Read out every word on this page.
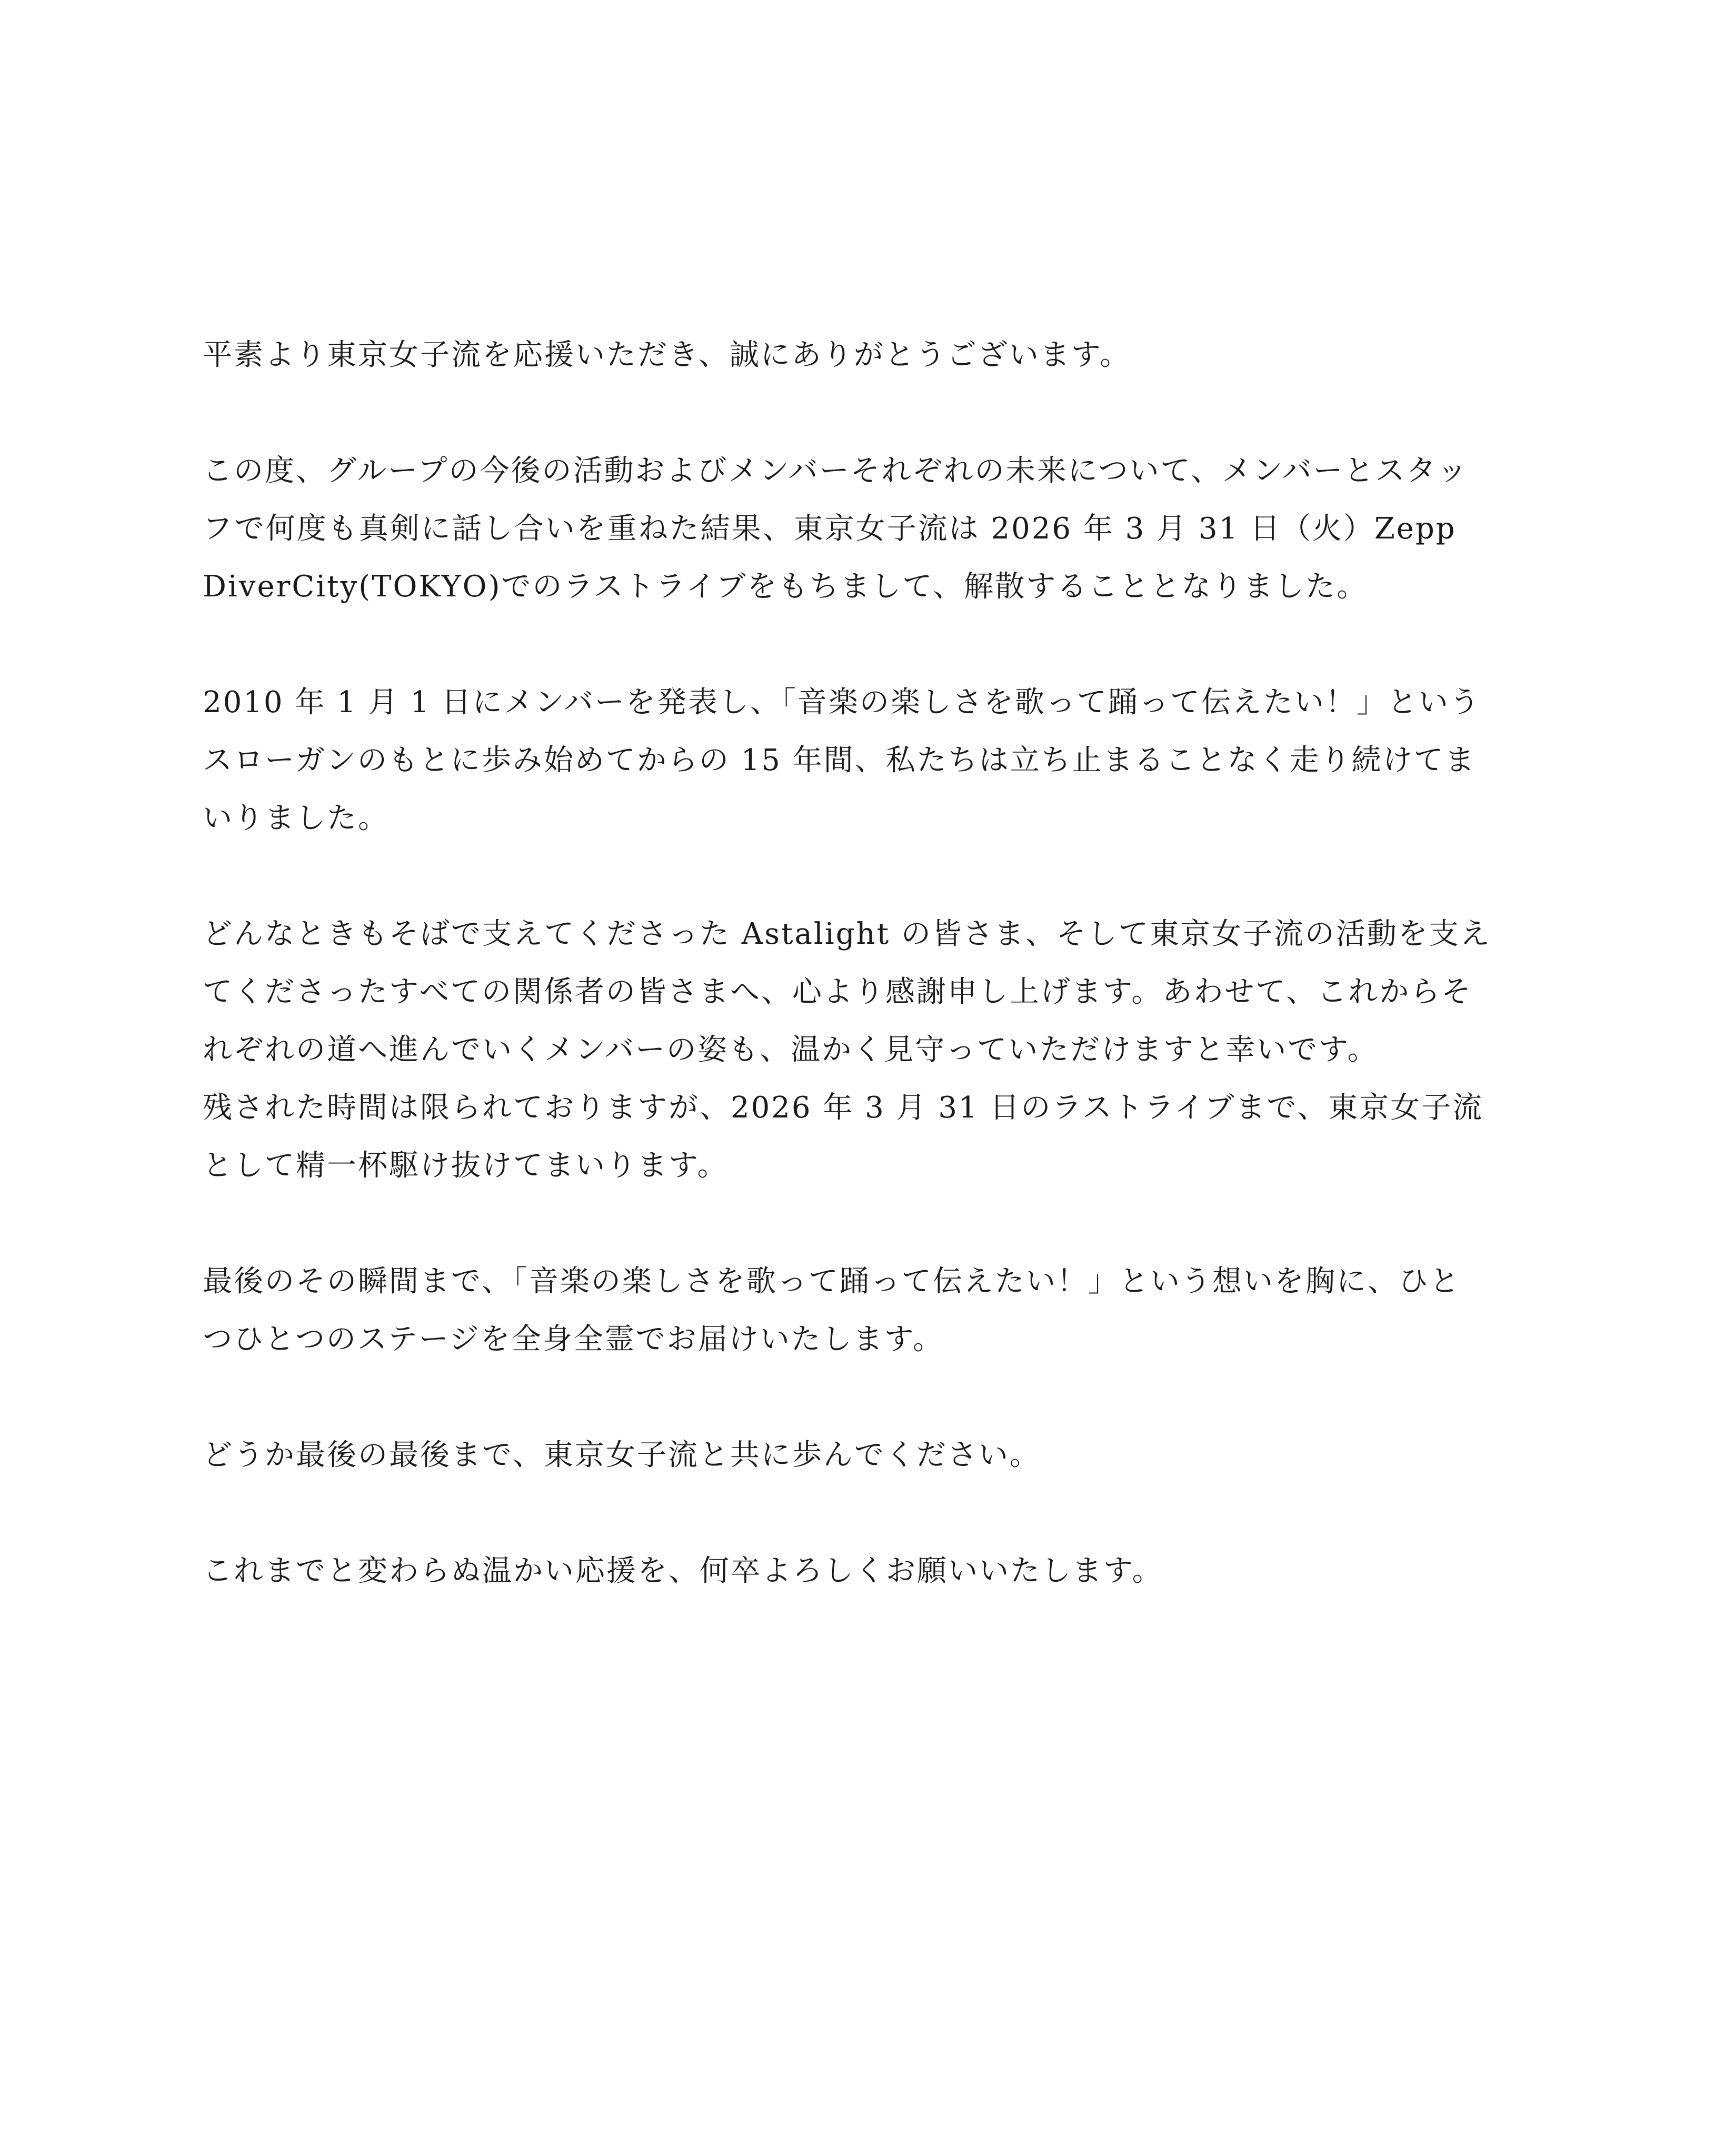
平素より東京女子流を応援いただき、誠にありがとうございます。

この度、グループの今後の活動およびメンバーそれぞれの未来について、メンバーとスタッ
フで何度も真剣に話し合いを重ねた結果、東京女子流は 2026 年 3 月 31 日（火）Zepp
DiverCity(TOKYO)でのラストライブをもちまして、解散することとなりました。

2010 年 1 月 1 日にメンバーを発表し、「音楽の楽しさを歌って踊って伝えたい！」という
スローガンのもとに歩み始めてからの 15 年間、私たちは立ち止まることなく走り続けてま
いりました。

どんなときもそばで支えてくださった Astalight の皆さま、そして東京女子流の活動を支え
てくださったすべての関係者の皆さまへ、心より感謝申し上げます。あわせて、これからそ
れぞれの道へ進んでいくメンバーの姿も、温かく見守っていただけますと幸いです。

残された時間は限られておりますが、2026 年 3 月 31 日のラストライブまで、東京女子流
として精一杯駆け抜けてまいります。

最後のその瞬間まで、「音楽の楽しさを歌って踊って伝えたい！」という想いを胸に、ひと
つひとつのステージを全身全霊でお届けいたします。

どうか最後の最後まで、東京女子流と共に歩んでください。

これまでと変わらぬ温かい応援を、何卒よろしくお願いいたします。
